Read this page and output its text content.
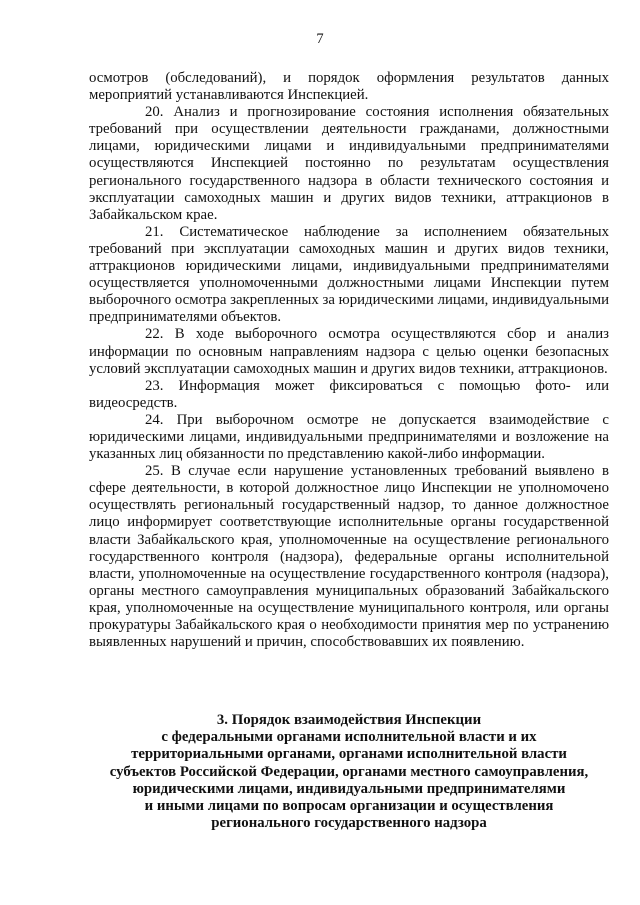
7

осмотров (обследований), и порядок оформления результатов данных мероприятий устанавливаются Инспекцией.

20. Анализ и прогнозирование состояния исполнения обязательных требований при осуществлении деятельности гражданами, должностными лицами, юридическими лицами и индивидуальными предпринимателями осуществляются Инспекцией постоянно по результатам осуществления регионального государственного надзора в области технического состояния и эксплуатации самоходных машин и других видов техники, аттракционов в Забайкальском крае.

21. Систематическое наблюдение за исполнением обязательных требований при эксплуатации самоходных машин и других видов техники, аттракционов юридическими лицами, индивидуальными предпринимателями осуществляется уполномоченными должностными лицами Инспекции путем выборочного осмотра закрепленных за юридическими лицами, индивидуальными предпринимателями объектов.

22. В ходе выборочного осмотра осуществляются сбор и анализ информации по основным направлениям надзора с целью оценки безопасных условий эксплуатации самоходных машин и других видов техники, аттракционов.

23. Информация может фиксироваться с помощью фото- или видеосредств.

24. При выборочном осмотре не допускается взаимодействие с юридическими лицами, индивидуальными предпринимателями и возложение на указанных лиц обязанности по представлению какой-либо информации.

25. В случае если нарушение установленных требований выявлено в сфере деятельности, в которой должностное лицо Инспекции не уполномочено осуществлять региональный государственный надзор, то данное должностное лицо информирует соответствующие исполнительные органы государственной власти Забайкальского края, уполномоченные на осуществление регионального государственного контроля (надзора), федеральные органы исполнительной власти, уполномоченные на осуществление государственного контроля (надзора), органы местного самоуправления муниципальных образований Забайкальского края, уполномоченные на осуществление муниципального контроля, или органы прокуратуры Забайкальского края о необходимости принятия мер по устранению выявленных нарушений и причин, способствовавших их появлению.

3. Порядок взаимодействия Инспекции
с федеральными органами исполнительной власти и их
территориальными органами, органами исполнительной власти
субъектов Российской Федерации, органами местного самоуправления,
юридическими лицами, индивидуальными предпринимателями
и иными лицами по вопросам организации и осуществления
регионального государственного надзора
